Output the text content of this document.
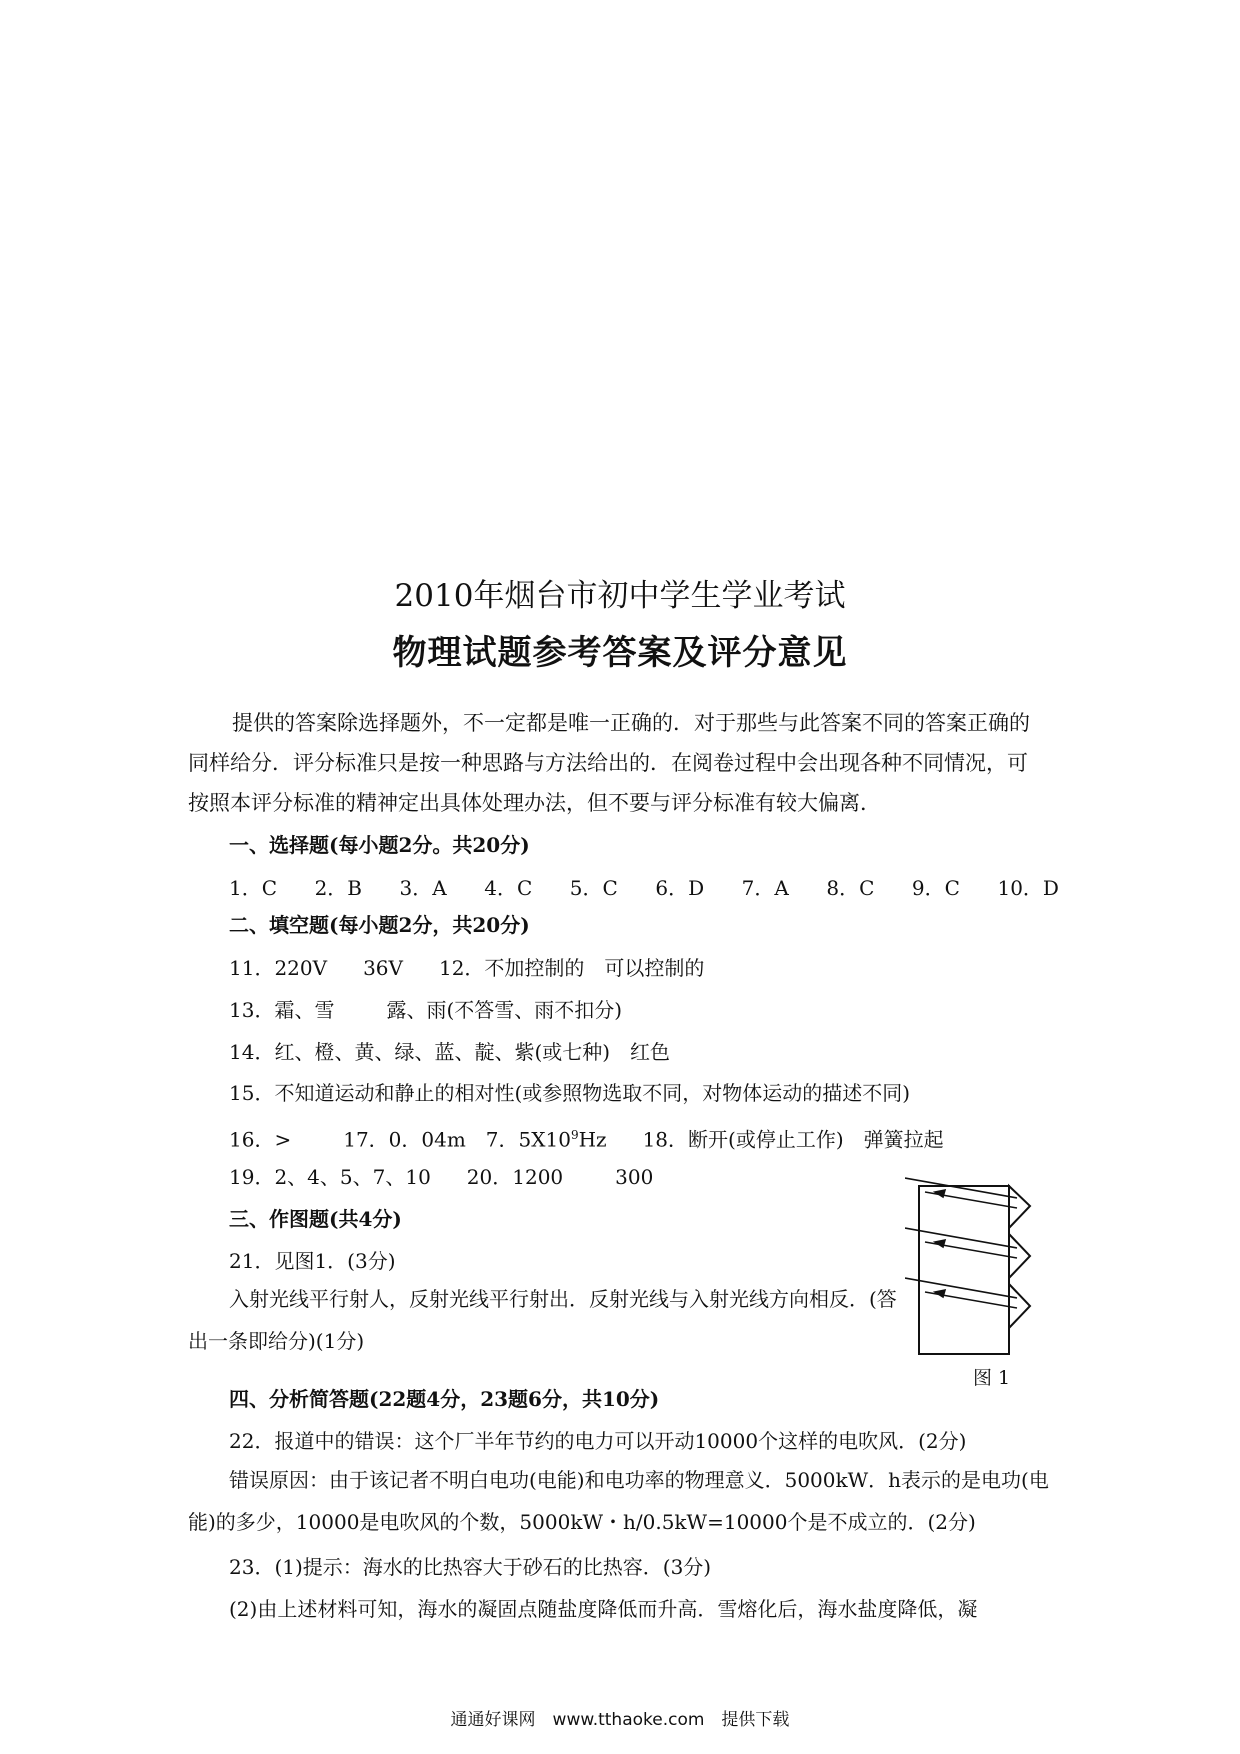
2010年烟台市初中学生学业考试
物理试题参考答案及评分意见
提供的答案除选择题外，不一定都是唯一正确的．对于那些与此答案不同的答案正确的同样给分．评分标准只是按一种思路与方法给出的．在阅卷过程中会出现各种不同情况，可按照本评分标准的精神定出具体处理办法，但不要与评分标准有较大偏离．
一、选择题(每小题2分。共20分)
1．C 2．B 3．A 4．C 5．C 6．D 7．A 8．C 9．C 10．D
二、填空题(每小题2分，共20分)
11．220V 36V 12．不加控制的　可以控制的
13．霜、雪	露、雨(不答雪、雨不扣分)
14．红、橙、黄、绿、蓝、靛、紫(或七种)　红色
15．不知道运动和静止的相对性(或参照物选取不同，对物体运动的描述不同)
16．>	17．0．04m　7．$5X10^9Hz$ 18．断开(或停止工作)　弹簧拉起
19．2、4、5、7、10 20．1200	300
三、作图题(共4分)
21．见图1．(3分)
入射光线平行射人，反射光线平行射出．反射光线与入射光线方向相反．(答出一条即给分)(1分)
图 1
四、分析简答题(22题4分，23题6分，共10分)
22．报道中的错误：这个厂半年节约的电力可以开动10000个这样的电吹风．(2分)
错误原因：由于该记者不明白电功(电能)和电功率的物理意义．5000kW．h表示的是电功(电能)的多少，10000是电吹风的个数，5000kW・h/0.5kW=10000个是不成立的．(2分)
23．(1)提示：海水的比热容大于砂石的比热容．(3分)
(2)由上述材料可知，海水的凝固点随盐度降低而升高．雪熔化后，海水盐度降低，凝
通通好课网　www.tthaoke.com　提供下载
